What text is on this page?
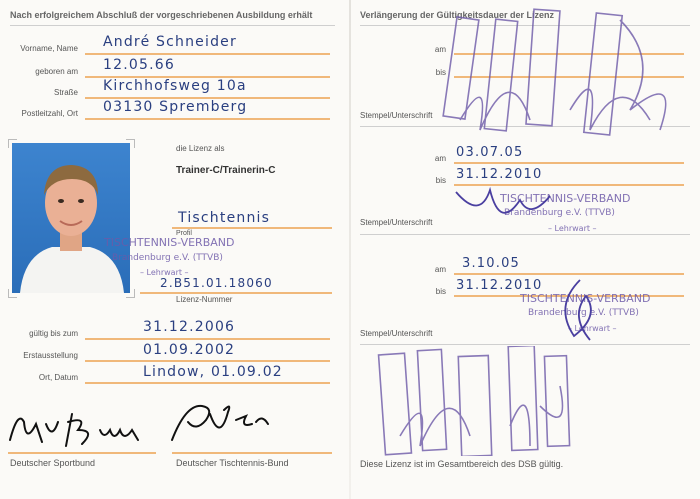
Nach erfolgreichem Abschluß der vorgeschriebenen Ausbildung erhält
Vorname, Name André Schneider
geboren am 12.05.66
Straße Kirchhofsweg 10a
Postleitzahl, Ort 03130 Spremberg
die Lizenz als
Trainer-C/Trainerin-C
Tischtennis
Profil
TISCHTENNIS-VERBAND
Brandenburg e.V. (TTVB)
– Lehrwart –
2.B51.01.18060
Lizenz-Nummer
gültig bis zum	31.12.2006
Erstausstellung	01.09.2002
Ort, Datum	Lindow, 01.09.02
Deutscher Sportbund	Deutscher Tischtennis-Bund
Verlängerung der Gültigkeitsdauer der Lizenz
am
bis
Stempel/Unterschrift
am 03.07.05
bis 31.12.2010
Stempel/Unterschrift
TISCHTENNIS-VERBAND
Brandenburg e.V. (TTVB)
– Lehrwart –
am 3.10.05
bis 31.12.2010
TISCHTENNIS-VERBAND
Brandenburg e.V. (TTVB)
– Lehrwart –
Stempel/Unterschrift
Diese Lizenz ist im Gesamtbereich des DSB gültig.
